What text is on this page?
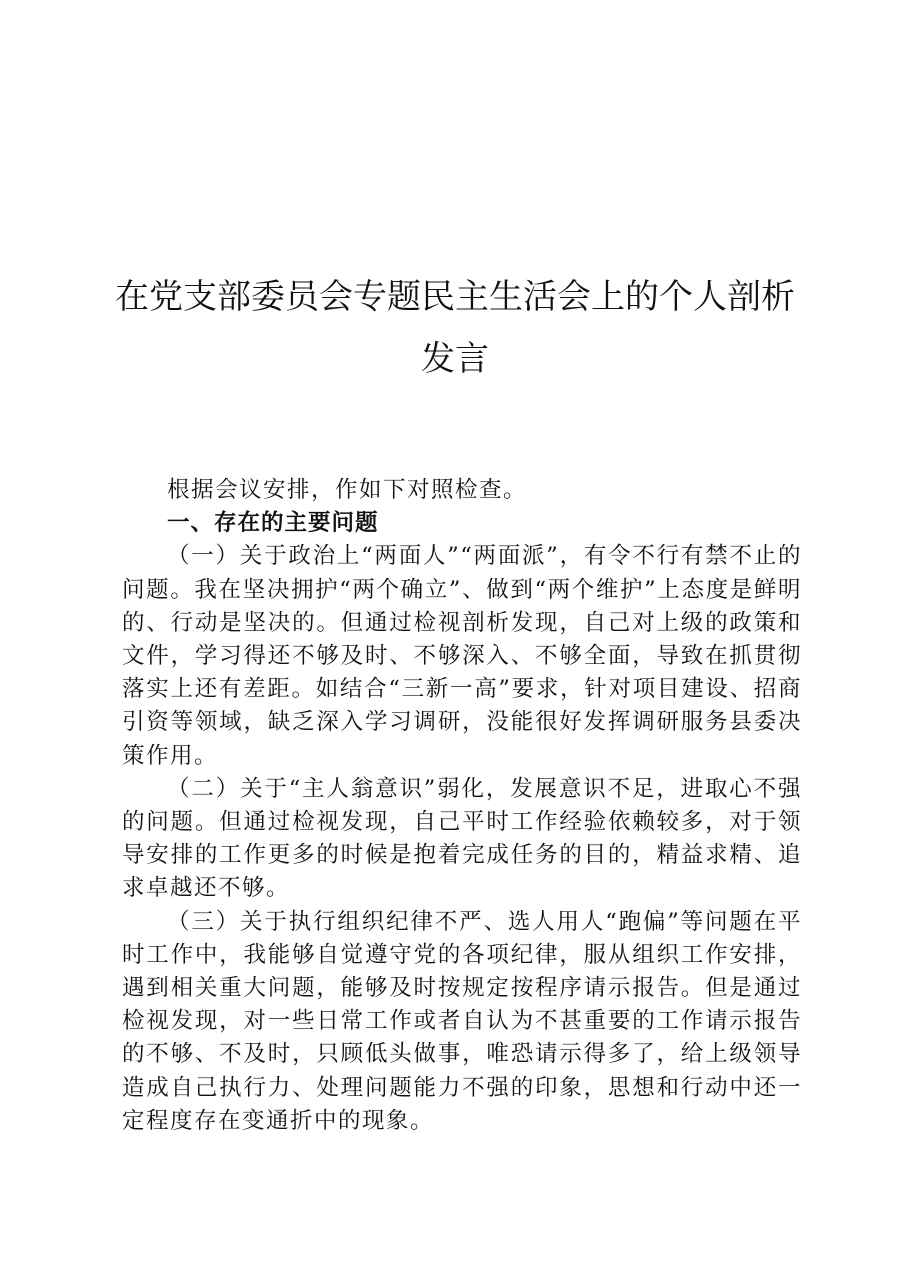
在党支部委员会专题民主生活会上的个人剖析发言

根据会议安排，作如下对照检查。

一、存在的主要问题

（一）关于政治上“两面人”“两面派”，有令不行有禁不止的问题。我在坚决拥护“两个确立”、做到“两个维护”上态度是鲜明的、行动是坚决的。但通过检视剖析发现，自己对上级的政策和文件，学习得还不够及时、不够深入、不够全面，导致在抓贯彻落实上还有差距。如结合“三新一高”要求，针对项目建设、招商引资等领域，缺乏深入学习调研，没能很好发挥调研服务县委决策作用。

（二）关于“主人翁意识”弱化，发展意识不足，进取心不强的问题。但通过检视发现，自己平时工作经验依赖较多，对于领导安排的工作更多的时候是抱着完成任务的目的，精益求精、追求卓越还不够。

（三）关于执行组织纪律不严、选人用人“跑偏”等问题在平时工作中，我能够自觉遵守党的各项纪律，服从组织工作安排，遇到相关重大问题，能够及时按规定按程序请示报告。但是通过检视发现，对一些日常工作或者自认为不甚重要的工作请示报告的不够、不及时，只顾低头做事，唯恐请示得多了，给上级领导造成自己执行力、处理问题能力不强的印象，思想和行动中还一定程度存在变通折中的现象。
